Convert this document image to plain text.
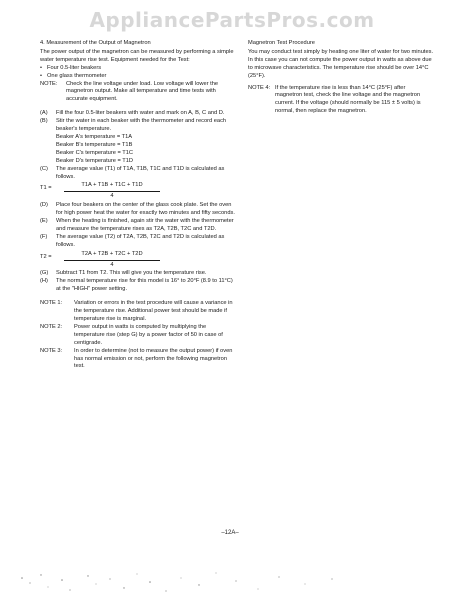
AppliancePartsPros.com
4. Measurement of the Output of Magnetron

The power output of the magnetron can be measured by performing a simple water temperature rise test. Equipment needed for the Test:

• Four 0.5-liter beakers
• One glass thermometer
NOTE:	Check the line voltage under load. Low voltage will lower the magnetron output. Make all temperature and time tests with accurate equipment.
(A)	Fill the four 0.5-liter beakers with water and mark on A, B, C and D.
(B)	Stir the water in each beaker with the thermometer and record each beaker's temperature.
Beaker A's temperature = T1A
Beaker B's temperature = T1B
Beaker C's temperature = T1C
Beaker D's temperature = T1D
(C)	The average value (T1) of T1A, T1B, T1C and T1D is calculated as follows.
T1 =	$\frac{T1A + T1B + T1C + T1D}{4}$
(D)	Place four beakers on the center of the glass cook plate. Set the oven for high power heat the water for exactly two minutes and fifty seconds.
(E)	When the heating is finished, again stir the water with the thermometer and measure the temperature rises as T2A, T2B, T2C and T2D.
(F)	The average value (T2) of T2A, T2B, T2C and T2D is calculated as follows.
T2 =	$\frac{T2A + T2B + T2C + T2D}{4}$
(G)	Subtract T1 from T2. This will give you the temperature rise.
(H)	The normal temperature rise for this model is 16° to 20°F (8.9 to 11°C) at the "HIGH" power setting.
NOTE 1:	Variation or errors in the test procedure will cause a variance in the temperature rise. Additional power test should be made if temperature rise is marginal.
NOTE 2:	Power output in watts is computed by multiplying the temperature rise (step G) by a power factor of 50 in case of centigrade.
NOTE 3:	In order to determine (not to measure the output power) if oven has normal emission or not, perform the following magnetron test.
Magnetron Test Procedure

You may conduct test simply by heating one liter of water for two minutes. In this case you can not compute the power output in watts as above due to microwave characteristics. The temperature rise should be over 14°C (25°F).

NOTE 4: If the temperature rise is less than 14°C (25°F) after magnetron test, check the line voltage and the magnetron current. If the voltage (should normally be 115 ± 5 volts) is normal, then replace the magnetron.
–12A–
